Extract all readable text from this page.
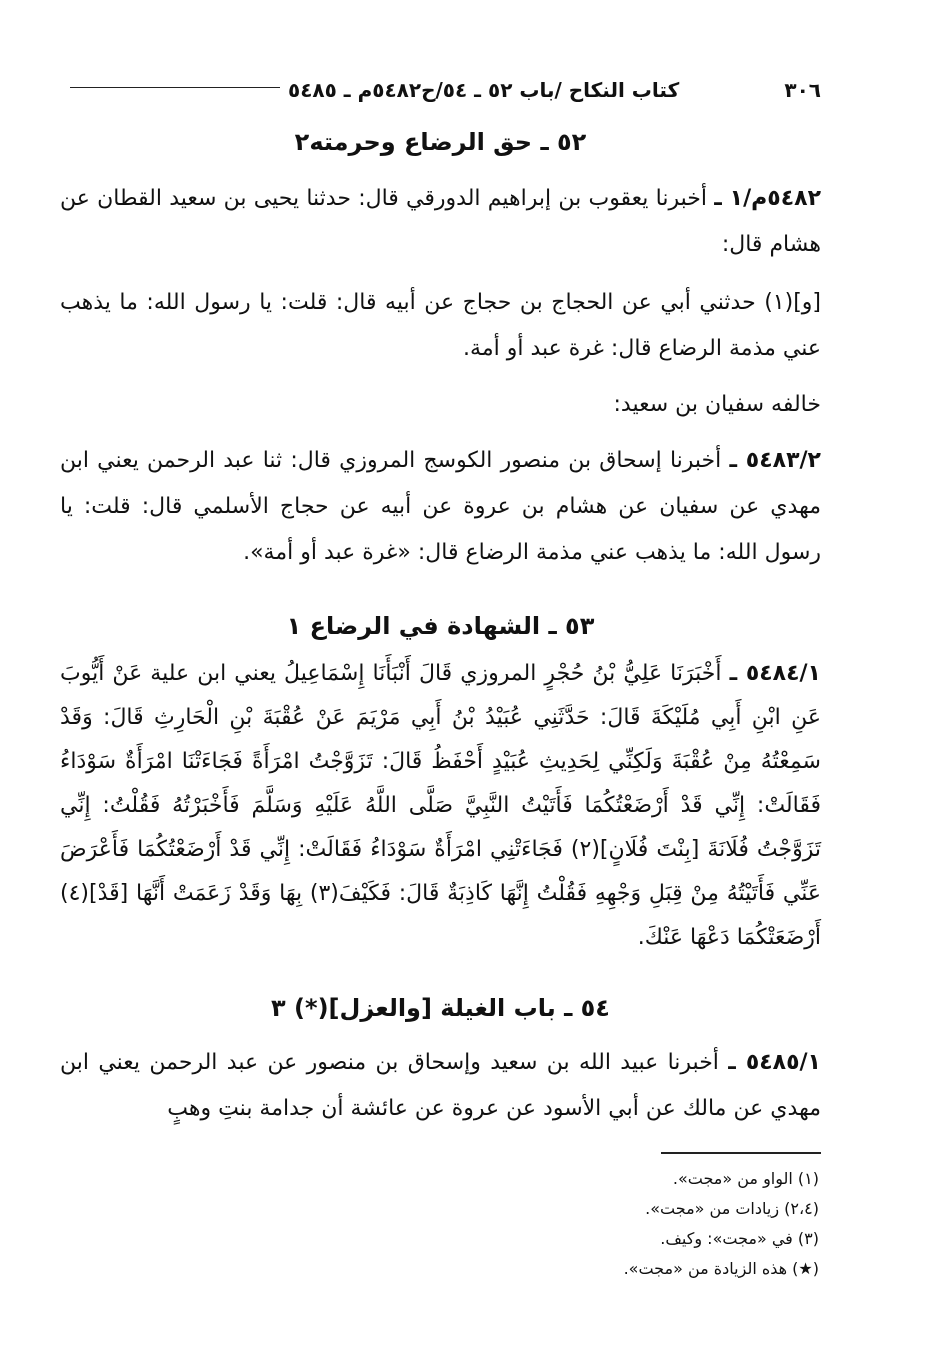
٣٠٦
كتاب النكاح /باب ٥٢ ـ ٥٤/ح٥٤٨٢م ـ ٥٤٨٥
٥٢ ـ حق الرضاع وحرمته٢

٥٤٨٢م/١ ـ أخبرنا يعقوب بن إبراهيم الدورقي قال: حدثنا يحيى بن سعيد القطان عن هشام قال:

[و](١) حدثني أبي عن الحجاج بن حجاج عن أبيه قال: قلت: يا رسول الله: ما يذهب عني مذمة الرضاع قال: غرة عبد أو أمة.

خالفه سفيان بن سعيد:

٥٤٨٣/٢ ـ أخبرنا إسحاق بن منصور الكوسج المروزي قال: ثنا عبد الرحمن يعني ابن مهدي عن سفيان عن هشام بن عروة عن أبيه عن حجاج الأسلمي قال: قلت: يا رسول الله: ما يذهب عني مذمة الرضاع قال: «غرة عبد أو أمة».

٥٣ ـ الشهادة في الرضاع ١

٥٤٨٤/١ ـ أَخْبَرَنَا عَلِيُّ بْنُ حُجْرٍ المروزي قَالَ أَنْبَأَنَا إِسْمَاعِيلُ يعني ابن علية عَنْ أَيُّوبَ عَنِ ابْنِ أَبِي مُلَيْكَةَ قَالَ: حَدَّثَنِي عُبَيْدُ بْنُ أَبِي مَرْيَمَ عَنْ عُقْبَةَ بْنِ الْحَارِثِ قَالَ: وَقَدْ سَمِعْتُهُ مِنْ عُقْبَةَ وَلَكِنِّي لِحَدِيثِ عُبَيْدٍ أَحْفَظُ قَالَ: تَزَوَّجْتُ امْرَأَةً فَجَاءَتْنَا امْرَأَةٌ سَوْدَاءُ فَقَالَتْ: إِنِّي قَدْ أَرْضَعْتُكُمَا فَأَتَيْتُ النَّبِيَّ صَلَّى اللَّهُ عَلَيْهِ وَسَلَّمَ فَأَخْبَرْتُهُ فَقُلْتُ: إِنِّي تَزَوَّجْتُ فُلَانَةَ [بِنْتَ فُلَانٍ](٢) فَجَاءَتْنِي امْرَأَةٌ سَوْدَاءُ فَقَالَتْ: إِنِّي قَدْ أَرْضَعْتُكُمَا فَأَعْرَضَ عَنِّي فَأَتَيْتُهُ مِنْ قِبَلِ وَجْهِهِ فَقُلْتُ إِنَّهَا كَاذِبَةٌ قَالَ: فَكَيْفَ(٣) بِهَا وَقَدْ زَعَمَتْ أَنَّهَا [قَدْ](٤) أَرْضَعَتْكُمَا دَعْهَا عَنْكَ.

٥٤ ـ باب الغيلة [والعزل](*) ٣

٥٤٨٥/١ ـ أخبرنا عبيد الله بن سعيد وإسحاق بن منصور عن عبد الرحمن يعني ابن مهدي عن مالك عن أبي الأسود عن عروة عن عائشة أن جدامة بنتِ وهبٍ

(١) الواو من «مجت».

(٢،٤) زيادات من «مجت».

(٣) في «مجت»: وكيف.

(★) هذه الزيادة من «مجت».
